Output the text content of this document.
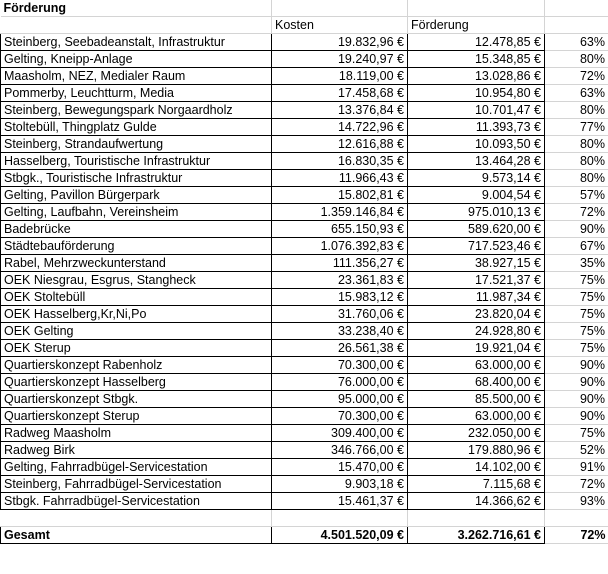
Förderung			
	Kosten	Förderung	
Steinberg, Seebadeanstalt, Infrastruktur	19.832,96 €	12.478,85 €	63%
Gelting, Kneipp-Anlage	19.240,97 €	15.348,85 €	80%
Maasholm, NEZ, Medialer Raum	18.119,00 €	13.028,86 €	72%
Pommerby, Leuchtturm, Media	17.458,68 €	10.954,80 €	63%
Steinberg, Bewegungspark Norgaardholz	13.376,84 €	10.701,47 €	80%
Stoltebüll, Thingplatz Gulde	14.722,96 €	11.393,73 €	77%
Steinberg, Strandaufwertung	12.616,88 €	10.093,50 €	80%
Hasselberg, Touristische Infrastruktur	16.830,35 €	13.464,28 €	80%
Stbgk., Touristische Infrastruktur	11.966,43 €	9.573,14 €	80%
Gelting, Pavillon Bürgerpark	15.802,81 €	9.004,54 €	57%
Gelting, Laufbahn, Vereinsheim	1.359.146,84 €	975.010,13 €	72%
Badebrücke	655.150,93 €	589.620,00 €	90%
Städtebauförderung	1.076.392,83 €	717.523,46 €	67%
Rabel, Mehrzweckunterstand	111.356,27 €	38.927,15 €	35%
OEK Niesgrau, Esgrus, Stangheck	23.361,83 €	17.521,37 €	75%
OEK Stoltebüll	15.983,12 €	11.987,34 €	75%
OEK Hasselberg,Kr,Ni,Po	31.760,06 €	23.820,04 €	75%
OEK Gelting	33.238,40 €	24.928,80 €	75%
OEK Sterup	26.561,38 €	19.921,04 €	75%
Quartierskonzept Rabenholz	70.300,00 €	63.000,00 €	90%
Quartierskonzept Hasselberg	76.000,00 €	68.400,00 €	90%
Quartierskonzept Stbgk.	95.000,00 €	85.500,00 €	90%
Quartierskonzept Sterup	70.300,00 €	63.000,00 €	90%
Radweg Maasholm	309.400,00 €	232.050,00 €	75%
Radweg Birk	346.766,00 €	179.880,96 €	52%
Gelting, Fahrradbügel-Servicestation	15.470,00 €	14.102,00 €	91%
Steinberg, Fahrradbügel-Servicestation	9.903,18 €	7.115,68 €	72%
Stbgk. Fahrradbügel-Servicestation	15.461,37 €	14.366,62 €	93%

Gesamt	4.501.520,09 €	3.262.716,61 €	72%
